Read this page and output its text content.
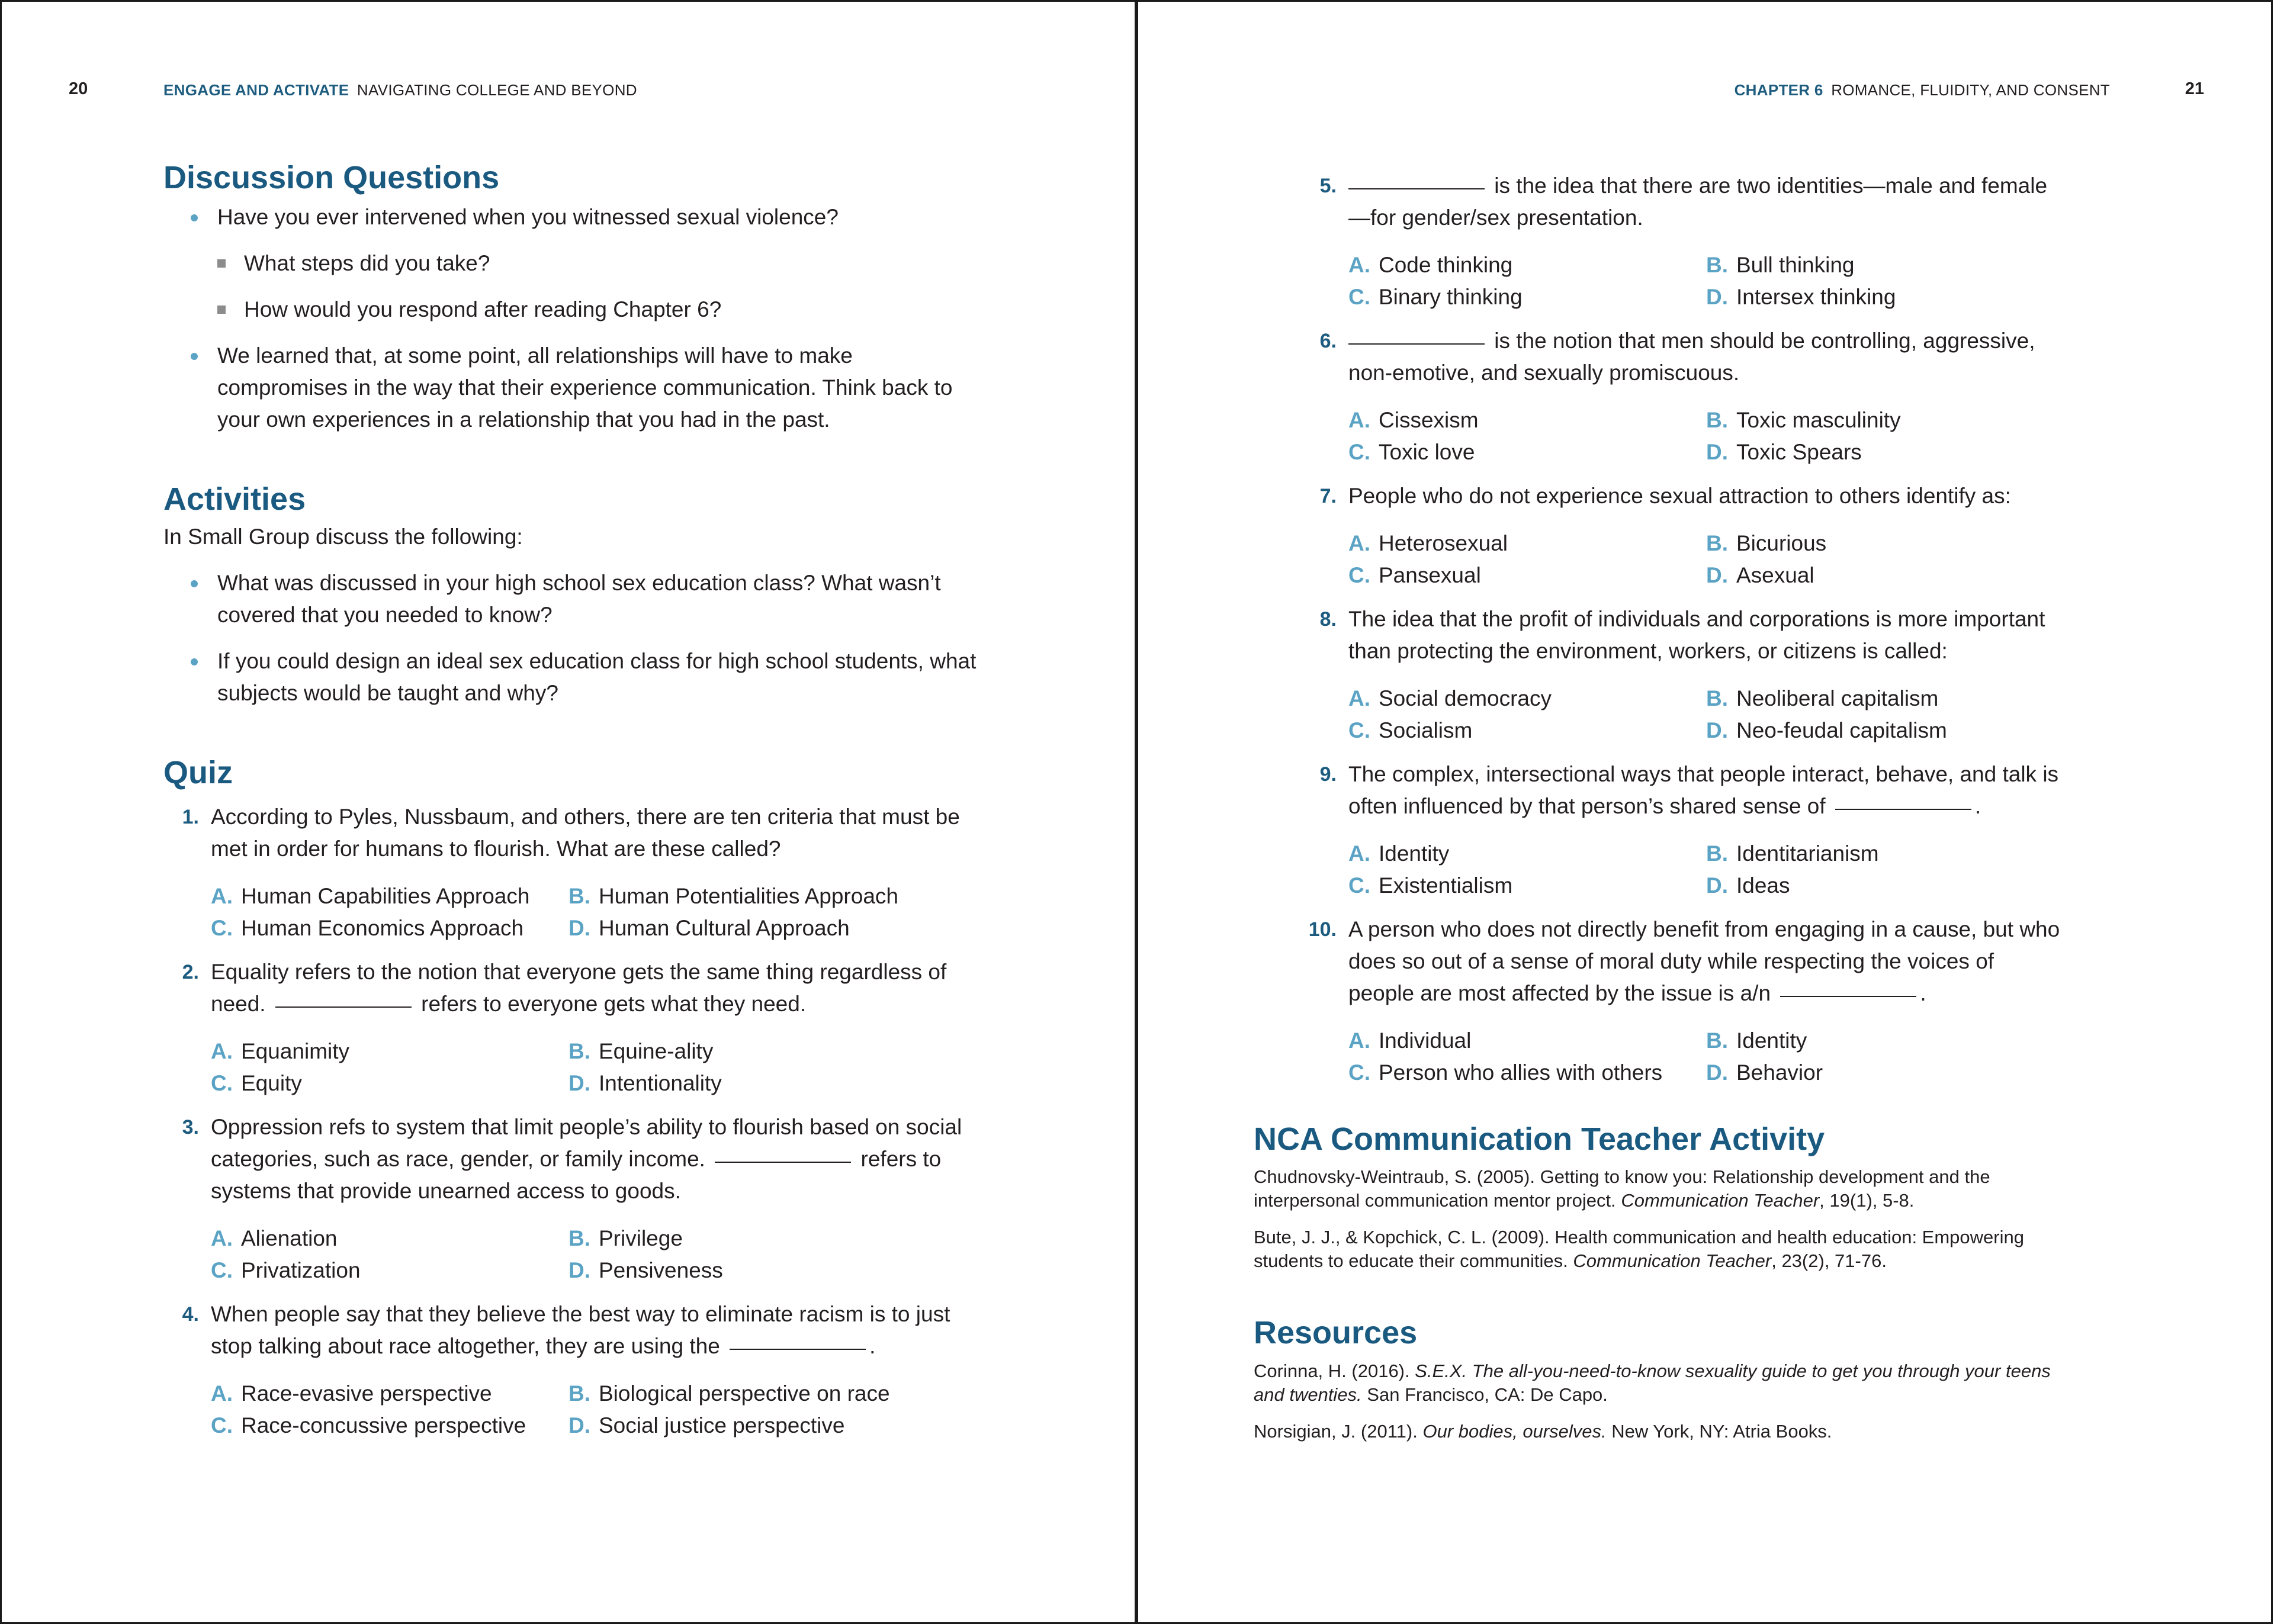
20	ENGAGE AND ACTIVATE NAVIGATING COLLEGE AND BEYOND
Discussion Questions
Have you ever intervened when you witnessed sexual violence?
What steps did you take?
How would you respond after reading Chapter 6?
We learned that, at some point, all relationships will have to make compromises in the way that their experience communication. Think back to your own experiences in a relationship that you had in the past.
Activities
In Small Group discuss the following:
What was discussed in your high school sex education class? What wasn’t covered that you needed to know?
If you could design an ideal sex education class for high school students, what subjects would be taught and why?
Quiz
1. According to Pyles, Nussbaum, and others, there are ten criteria that must be met in order for humans to flourish. What are these called?
A. Human Capabilities Approach	B. Human Potentialities Approach
C. Human Economics Approach	D. Human Cultural Approach
2. Equality refers to the notion that everyone gets the same thing regardless of need.	refers to everyone gets what they need.
A. Equanimity	B. Equine-ality
C. Equity	D. Intentionality
3. Oppression refs to system that limit people’s ability to flourish based on social categories, such as race, gender, or family income.	refers to systems that provide unearned access to goods.
A. Alienation	B. Privilege
C. Privatization	D. Pensiveness
4. When people say that they believe the best way to eliminate racism is to just stop talking about race altogether, they are using the	.
A. Race-evasive perspective	B. Biological perspective on race
C. Race-concussive perspective	D. Social justice perspective
CHAPTER 6 ROMANCE, FLUIDITY, AND CONSENT	21
5.	is the idea that there are two identities—male and female—for gender/sex presentation.
A. Code thinking	B. Bull thinking
C. Binary thinking	D. Intersex thinking
6.	is the notion that men should be controlling, aggressive, non-emotive, and sexually promiscuous.
A. Cissexism	B. Toxic masculinity
C. Toxic love	D. Toxic Spears
7. People who do not experience sexual attraction to others identify as:
A. Heterosexual	B. Bicurious
C. Pansexual	D. Asexual
8. The idea that the profit of individuals and corporations is more important than protecting the environment, workers, or citizens is called:
A. Social democracy	B. Neoliberal capitalism
C. Socialism	D. Neo-feudal capitalism
9. The complex, intersectional ways that people interact, behave, and talk is often influenced by that person’s shared sense of	.
A. Identity	B. Identitarianism
C. Existentialism	D. Ideas
10. A person who does not directly benefit from engaging in a cause, but who does so out of a sense of moral duty while respecting the voices of people are most affected by the issue is a/n	.
A. Individual	B. Identity
C. Person who allies with others	D. Behavior
NCA Communication Teacher Activity

Chudnovsky-Weintraub, S. (2005). Getting to know you: Relationship development and the interpersonal communication mentor project. Communication Teacher, 19(1), 5-8.

Bute, J. J., & Kopchick, C. L. (2009). Health communication and health education: Empowering students to educate their communities. Communication Teacher, 23(2), 71-76.

Resources

Corinna, H. (2016). S.E.X. The all-you-need-to-know sexuality guide to get you through your teens and twenties. San Francisco, CA: De Capo.

Norsigian, J. (2011). Our bodies, ourselves. New York, NY: Atria Books.
